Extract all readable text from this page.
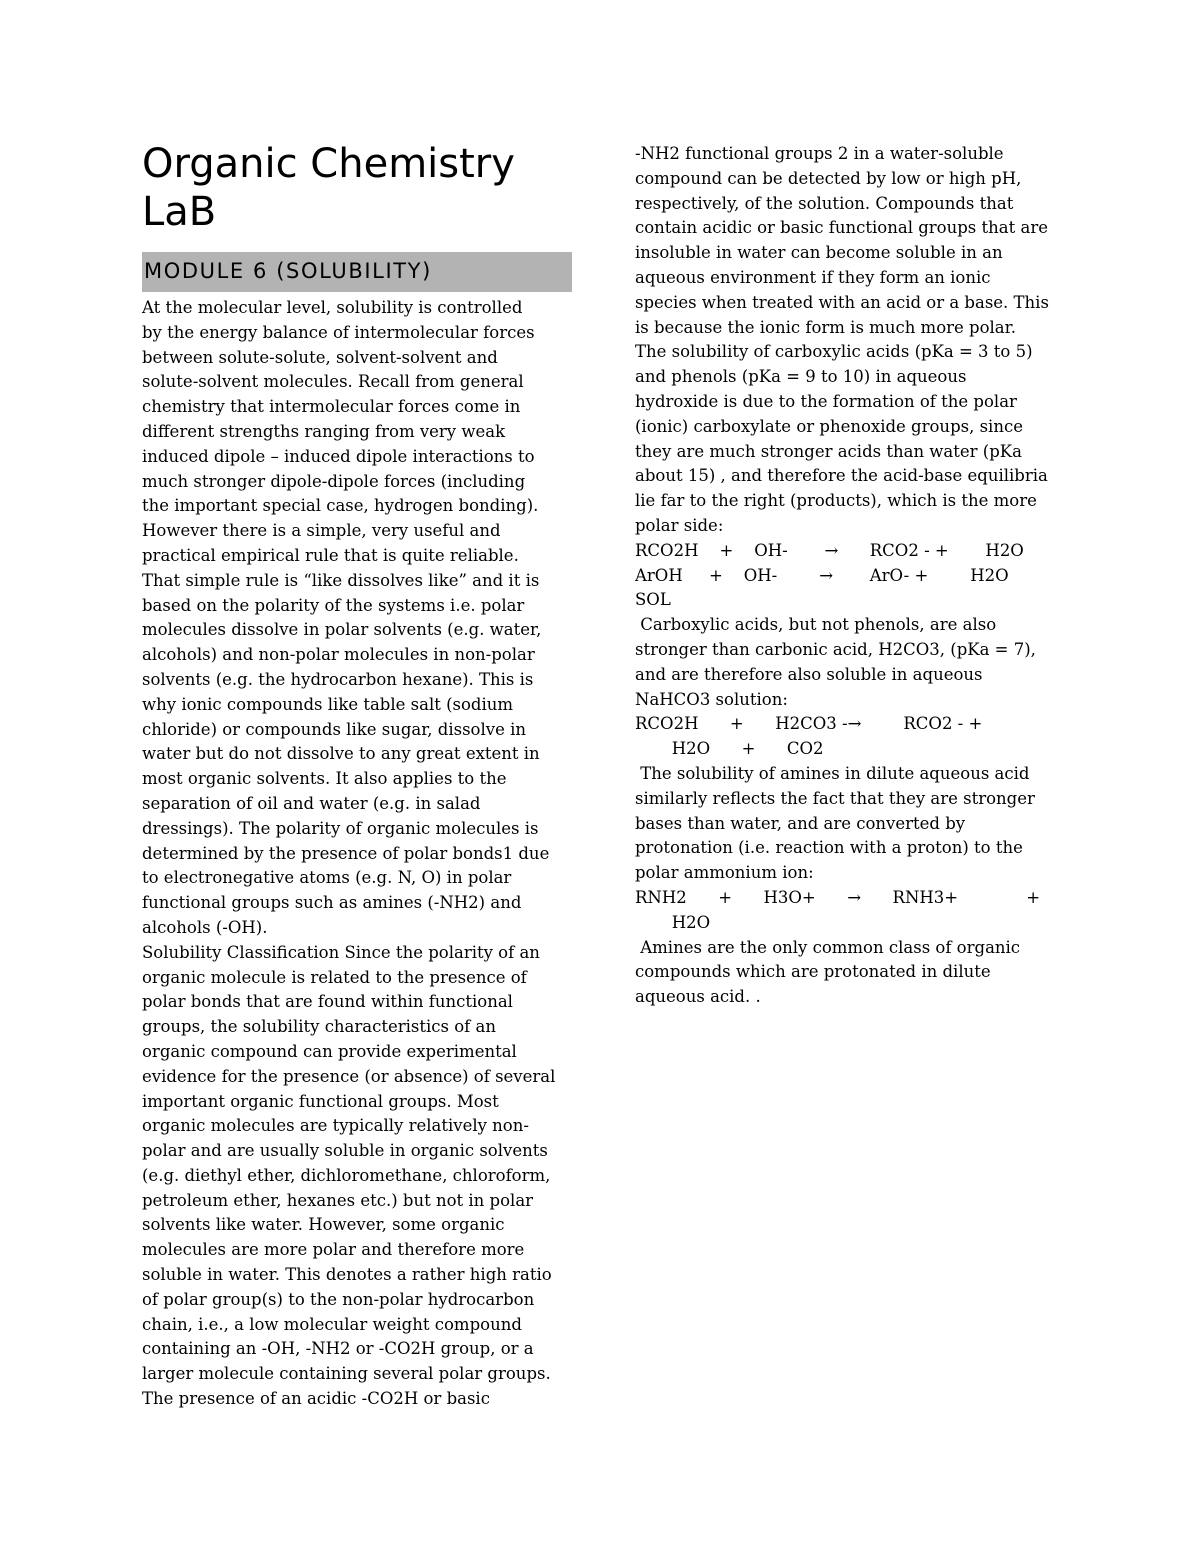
Organic Chemistry
LaB
MODULE 6 (SOLUBILITY)
At the molecular level, solubility is controlled
by the energy balance of intermolecular forces
between solute-solute, solvent-solvent and
solute-solvent molecules. Recall from general
chemistry that intermolecular forces come in
different strengths ranging from very weak
induced dipole – induced dipole interactions to
much stronger dipole-dipole forces (including
the important special case, hydrogen bonding).
However there is a simple, very useful and
practical empirical rule that is quite reliable.
That simple rule is “like dissolves like” and it is
based on the polarity of the systems i.e. polar
molecules dissolve in polar solvents (e.g. water,
alcohols) and non-polar molecules in non-polar
solvents (e.g. the hydrocarbon hexane). This is
why ionic compounds like table salt (sodium
chloride) or compounds like sugar, dissolve in
water but do not dissolve to any great extent in
most organic solvents. It also applies to the
separation of oil and water (e.g. in salad
dressings). The polarity of organic molecules is
determined by the presence of polar bonds1 due
to electronegative atoms (e.g. N, O) in polar
functional groups such as amines (-NH2) and
alcohols (-OH).
Solubility Classification Since the polarity of an
organic molecule is related to the presence of
polar bonds that are found within functional
groups, the solubility characteristics of an
organic compound can provide experimental
evidence for the presence (or absence) of several
important organic functional groups. Most
organic molecules are typically relatively non-
polar and are usually soluble in organic solvents
(e.g. diethyl ether, dichloromethane, chloroform,
petroleum ether, hexanes etc.) but not in polar
solvents like water. However, some organic
molecules are more polar and therefore more
soluble in water. This denotes a rather high ratio
of polar group(s) to the non-polar hydrocarbon
chain, i.e., a low molecular weight compound
containing an -OH, -NH2 or -CO2H group, or a
larger molecule containing several polar groups.
The presence of an acidic -CO2H or basic
-NH2 functional groups 2 in a water-soluble
compound can be detected by low or high pH,
respectively, of the solution. Compounds that
contain acidic or basic functional groups that are
insoluble in water can become soluble in an
aqueous environment if they form an ionic
species when treated with an acid or a base. This
is because the ionic form is much more polar.
The solubility of carboxylic acids (pKa = 3 to 5)
and phenols (pKa = 9 to 10) in aqueous
hydroxide is due to the formation of the polar
(ionic) carboxylate or phenoxide groups, since
they are much stronger acids than water (pKa
about 15) , and therefore the acid-base equilibria
lie far to the right (products), which is the more
polar side:
RCO2H    +    OH-       →      RCO2 - +       H2O
ArOH     +    OH-        →       ArO- +        H2O
SOL
Carboxylic acids, but not phenols, are also
stronger than carbonic acid, H2CO3, (pKa = 7),
and are therefore also soluble in aqueous
NaHCO3 solution:
RCO2H      +      H2CO3 -→        RCO2 - +
H2O      +      CO2
The solubility of amines in dilute aqueous acid
similarly reflects the fact that they are stronger
bases than water, and are converted by
protonation (i.e. reaction with a proton) to the
polar ammonium ion:
RNH2      +      H3O+      →      RNH3+             +
H2O
Amines are the only common class of organic
compounds which are protonated in dilute
aqueous acid. .
